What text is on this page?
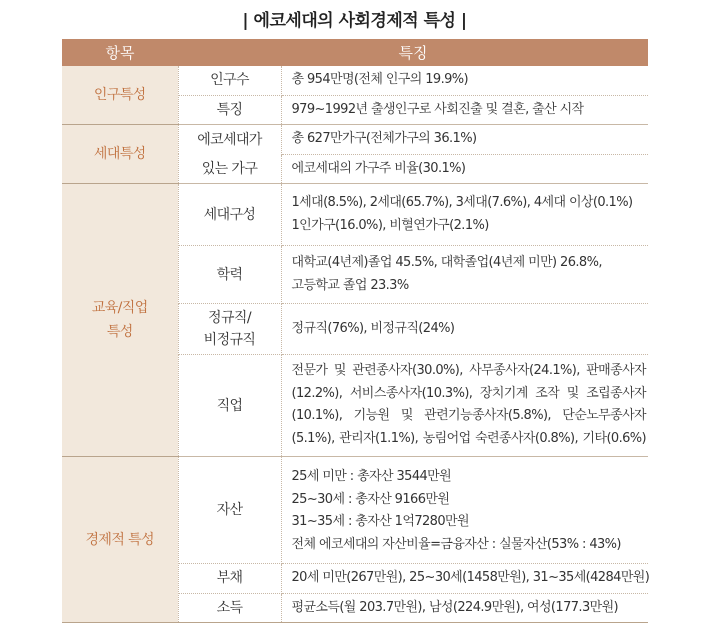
| 에코세대의 사회경제적 특성 |
항목	특징	
인구특성	인구수	총 954만명(전체 인구의 19.9%)

	특징	979~1992년 출생인구로 사회진출 및 결혼, 출산 시작

세대특성	에코세대가	총 627만가구(전체가구의 36.1%)

	있는 가구	에코세대의 가구주 비율(30.1%)

교육/직업
특성	세대구성	1세대(8.5%), 2세대(65.7%), 3세대(7.6%), 4세대 이상(0.1%)
1인가구(16.0%), 비혈연가구(2.1%)

	학력	대학교(4년제)졸업 45.5%, 대학졸업(4년제 미만) 26.8%,
고등학교 졸업 23.3%

	정규직/
비정규직	정규직(76%), 비정규직(24%)

	직업	전문가 및 관련종사자(30.0%), 사무종사자(24.1%), 판매종사자
(12.2%), 서비스종사자(10.3%), 장치기계 조작 및 조립종사자
(10.1%), 기능원 및 관련기능종사자(5.8%), 단순노무종사자
(5.1%), 관리자(1.1%), 농림어업 숙련종사자(0.8%), 기타(0.6%)

경제적 특성	자산	25세 미만 : 총자산 3544만원
25~30세 : 총자산 9166만원
31~35세 : 총자산 1억7280만원
전체 에코세대의 자산비율=금융자산 : 실물자산(53% : 43%)

	부채	20세 미만(267만원), 25~30세(1458만원), 31~35세(4284만원)

	소득	평균소득(월 203.7만원), 남성(224.9만원), 여성(177.3만원)
